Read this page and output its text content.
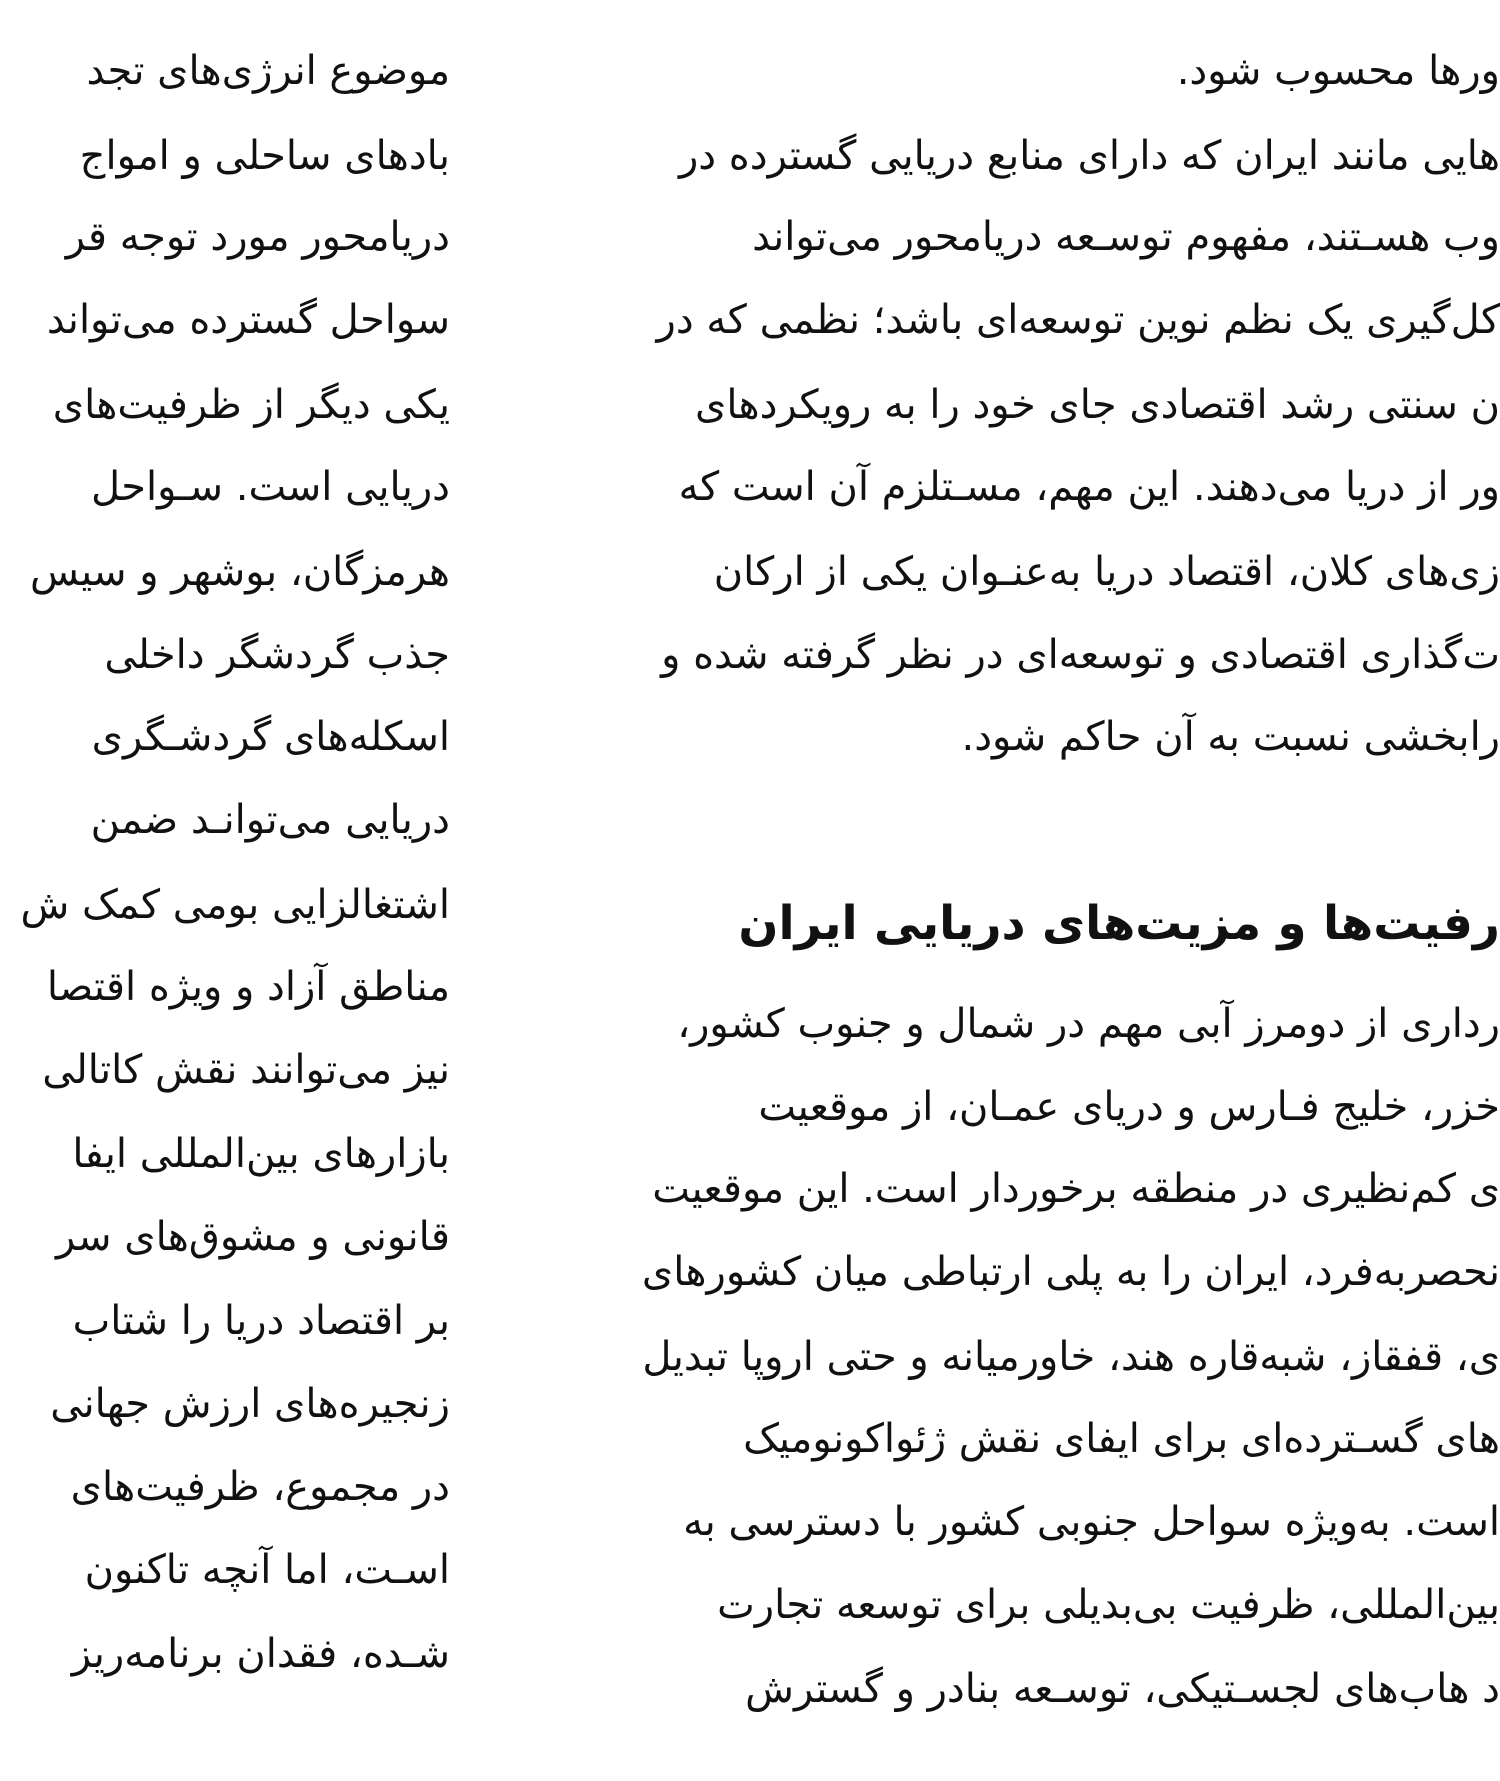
موضوع انرژی‌های تجد
بادهای ساحلی و امواج
دریامحور مورد توجه قر
سواحل گسترده می‌تواند
یکی دیگر از ظرفیت‌های
دریایی است. سـواحل
هرمزگان، بوشهر و سیس
جذب گردشگر داخلی
اسکله‌های گردشـگری
دریایی می‌توانـد ضمن
اشتغالزایی بومی کمک ش
مناطق آزاد و ویژه اقتصا
نیز می‌توانند نقش کاتالی
بازارهای بین‌المللی ایفا
قانونی و مشوق‌های سر
بر اقتصاد دریا را شتاب
زنجیره‌های ارزش جهانی
در مجموع، ظرفیت‌های
اسـت، اما آنچه تاکنون
شـده، فقدان برنامه‌ریز
ورها محسوب شود.
هایی مانند ایران که دارای منابع دریایی گسترده در
وب هسـتند، مفهوم توسـعه دریامحور می‌تواند
کل‌گیری یک نظم نوین توسعه‌ای باشد؛ نظمی که در
ن سنتی رشد اقتصادی جای خود را به رویکردهای
ور از دریا می‌دهند. این مهم، مسـتلزم آن است که
زی‌های کلان، اقتصاد دریا به‌عنـوان یکی از ارکان
ت‌گذاری اقتصادی و توسعه‌ای در نظر گرفته شده و
رابخشی نسبت به آن حاکم شود.
رفیت‌ها و مزیت‌های دریایی ایران
رداری از دومرز آبی مهم در شمال و جنوب کشور،
خزر، خلیج فـارس و دریای عمـان، از موقعیت
ی کم‌نظیری در منطقه برخوردار است. این موقعیت
نحصربه‌فرد، ایران را به پلی ارتباطی میان کشورهای
ی، قفقاز، شبه‌قاره هند، خاورمیانه و حتی اروپا تبدیل
های گسـترده‌ای برای ایفای نقش ژئواکونومیک
است. به‌ویژه سواحل جنوبی کشور با دسترسی به
بین‌المللی، ظرفیت بی‌بدیلی برای توسعه تجارت
د هاب‌های لجسـتیکی، توسـعه بنادر و گسترش
